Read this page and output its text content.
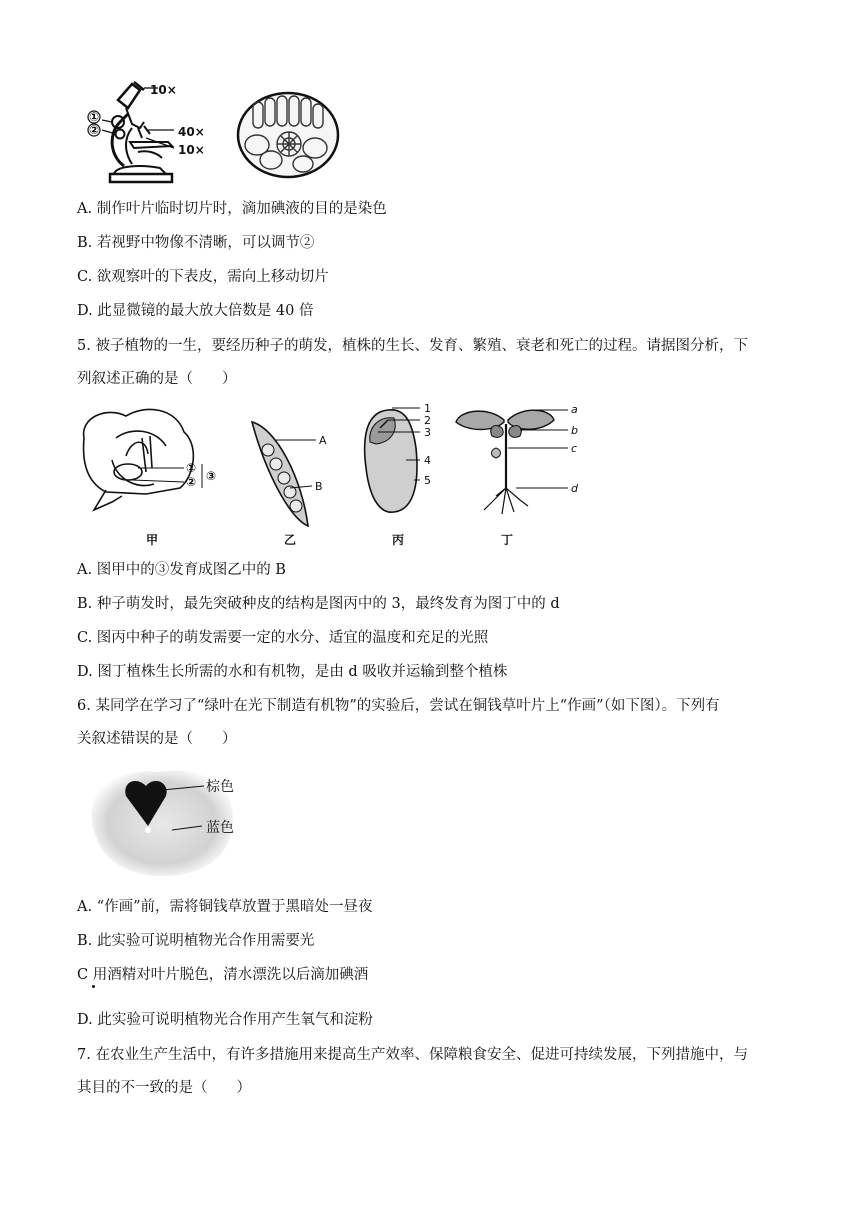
①
②
10×
40×
10×
A. 制作叶片临时切片时，滴加碘液的目的是染色
B. 若视野中物像不清晰，可以调节②
C. 欲观察叶的下表皮，需向上移动切片
D. 此显微镜的最大放大倍数是 40 倍
5. 被子植物的一生，要经历种子的萌发，植株的生长、发育、繁殖、衰老和死亡的过程。请据图分析，下
列叙述正确的是（　　）
①
② ③
甲
A
B
乙
1
2
3
4
5
丙
a
b
c
d
丁
A. 图甲中的③发育成图乙中的 B
B. 种子萌发时，最先突破种皮的结构是图丙中的 3，最终发育为图丁中的 d
C. 图丙中种子的萌发需要一定的水分、适宜的温度和充足的光照
D. 图丁植株生长所需的水和有机物，是由 d 吸收并运输到整个植株
6. 某同学在学习了“绿叶在光下制造有机物”的实验后，尝试在铜钱草叶片上“作画”（如下图）。下列有
关叙述错误的是（　　）
棕色
蓝色
A. “作画”前，需将铜钱草放置于黑暗处一昼夜
B. 此实验可说明植物光合作用需要光
C 用酒精对叶片脱色，清水漂洗以后滴加碘酒
D. 此实验可说明植物光合作用产生氧气和淀粉
7. 在农业生产生活中，有许多措施用来提高生产效率、保障粮食安全、促进可持续发展，下列措施中，与
其目的不一致的是（　　）
